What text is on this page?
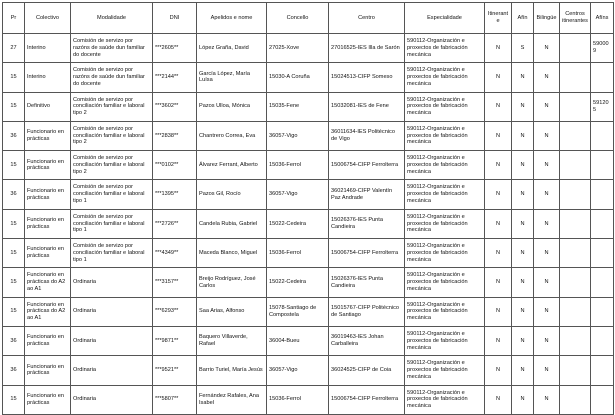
Pr	Colectivo	Modalidade	DNI	Apelidos e nome	Concello	Centro	Especialidade	Itinerante	Afín	Bilingüe	Centros itinerantes	Afíns
27	Interino	Comisión de servizo por razóns de saúde dun familiar do docente	***2605**	López Graña, David	27025-Xove	27016525-IES Illa de Sarón	590112-Organización e proxectos de fabricación mecánica	N	S	N		590009
15	Interino	Comisión de servizo por razóns de saúde dun familiar do docente	***2144**	García López, María Luísa	15030-A Coruña	15024513-CIFP Someso	590112-Organización e proxectos de fabricación mecánica	N	N	N		
15	Definitivo	Comisión de servizo por conciliación familiar e laboral tipo 2	***3602**	Pazos Ulloa, Mónica	15035-Fene	15032081-IES de Fene	590112-Organización e proxectos de fabricación mecánica	N	N	N		591205
36	Funcionario en prácticas	Comisión de servizo por conciliación familiar e laboral tipo 2	***2838**	Chantrero Correa, Eva	36057-Vigo	36011634-IES Politécnico de Vigo	590112-Organización e proxectos de fabricación mecánica	N	N	N		
15	Funcionario en prácticas	Comisión de servizo por conciliación familiar e laboral tipo 2	***0102**	Álvarez Ferrant, Alberto	15036-Ferrol	15006754-CIFP Ferrolterra	590112-Organización e proxectos de fabricación mecánica	N	N	N		
36	Funcionario en prácticas	Comisión de servizo por conciliación familiar e laboral tipo 1	***1395**	Pazos Gil, Rocío	36057-Vigo	36021469-CIFP Valentín Paz Andrade	590112-Organización e proxectos de fabricación mecánica	N	N	N		
15	Funcionario en prácticas	Comisión de servizo por conciliación familiar e laboral tipo 1	***2726**	Candela Rubia, Gabriel	15022-Cedeira	15026376-IES Punta Candieira	590112-Organización e proxectos de fabricación mecánica	N	N	N		
15	Funcionario en prácticas	Comisión de servizo por conciliación familiar e laboral tipo 1	***4349**	Maceda Blanco, Miguel	15036-Ferrol	15006754-CIFP Ferrolterra	590112-Organización e proxectos de fabricación mecánica	N	N	N		
15	Funcionario en prácticas do A2 ao A1	Ordinaria	***3157**	Breijo Rodríguez, José Carlos	15022-Cedeira	15026376-IES Punta Candieira	590112-Organización e proxectos de fabricación mecánica	N	N	N		
15	Funcionario en prácticas do A2 ao A1	Ordinaria	***6293**	Saa Arias, Alfonso	15078-Santiago de Compostela	15015767-CIFP Politécnico de Santiago	590112-Organización e proxectos de fabricación mecánica	N	N	N		
36	Funcionario en prácticas	Ordinaria	***9871**	Baquero Villaverde, Rafael	36004-Bueu	36019463-IES Johan Carballeira	590112-Organización e proxectos de fabricación mecánica	N	N	N		
36	Funcionario en prácticas	Ordinaria	***9521**	Barrio Turiel, María Jesús	36057-Vigo	36024525-CIFP de Coia	590112-Organización e proxectos de fabricación mecánica	N	N	N		
15	Funcionario en prácticas	Ordinaria	***5807**	Fernández Rafales, Ana Isabel	15036-Ferrol	15006754-CIFP Ferrolterra	590112-Organización e proxectos de fabricación mecánica	N	N	N		
